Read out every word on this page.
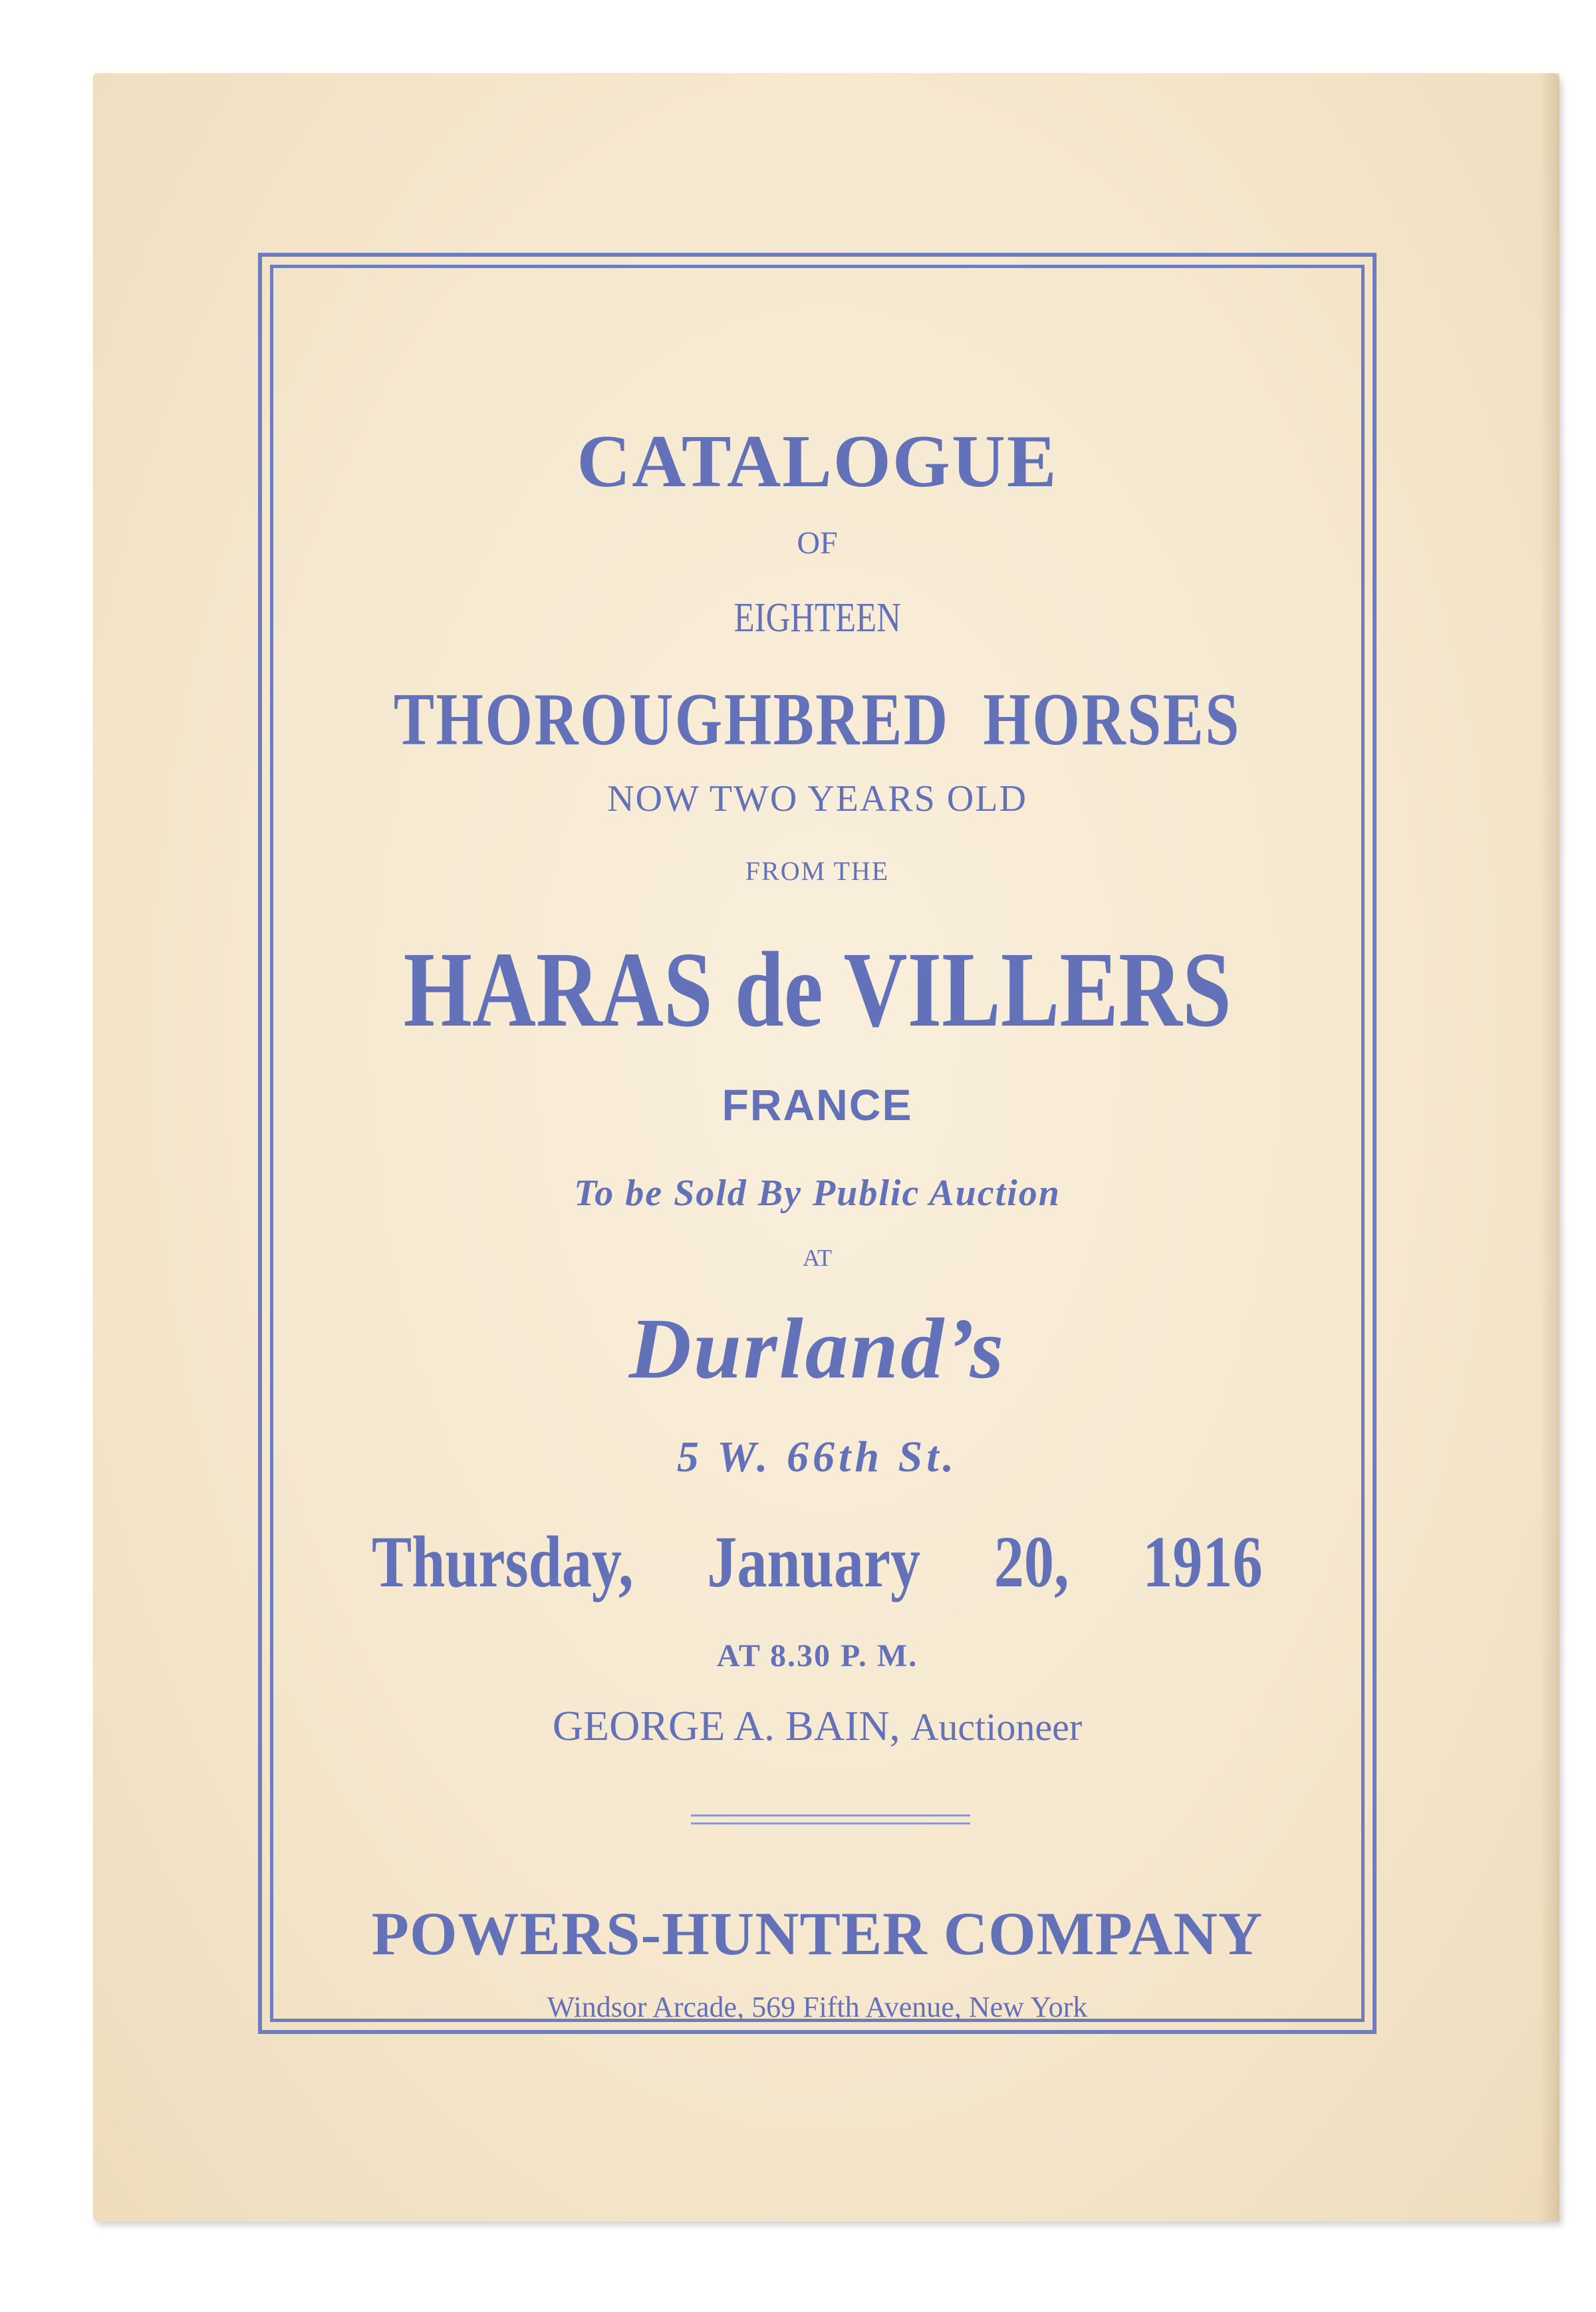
CATALOGUE
OF
EIGHTEEN
THOROUGHBRED  HORSES
NOW TWO YEARS OLD
FROM THE
HARAS de VILLERS
FRANCE
To be Sold By Public Auction
AT
Durland’s
5 W. 66th St.
Thursday,  January  20,  1916
AT 8.30 P. M.
GEORGE A. BAIN, Auctioneer
POWERS-HUNTER COMPANY
Windsor Arcade, 569 Fifth Avenue, New York
